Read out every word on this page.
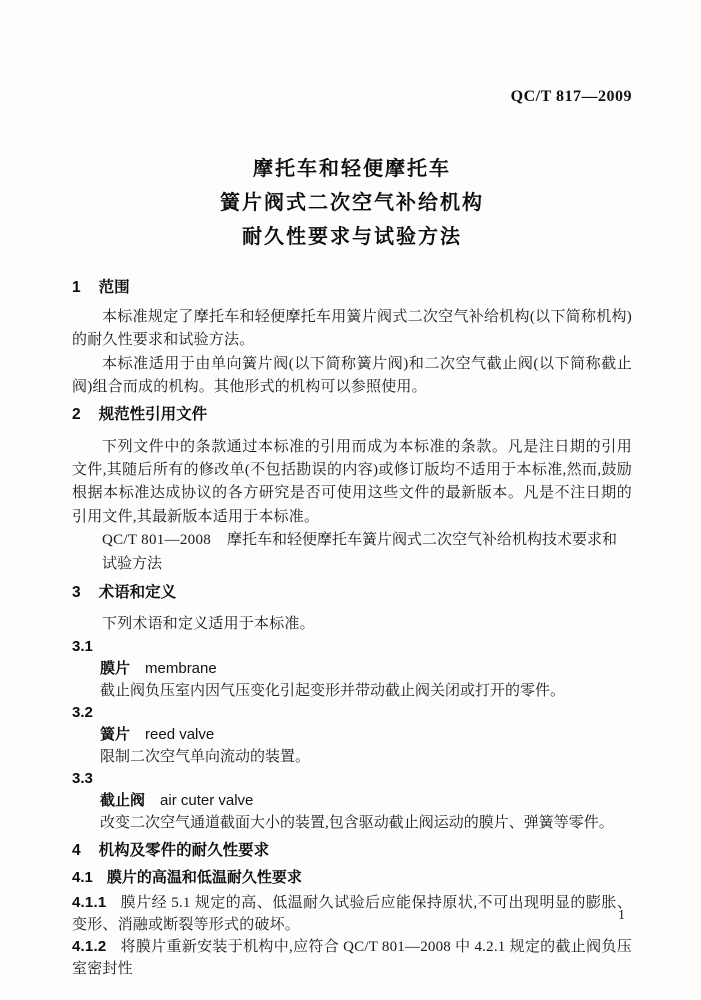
QC/T 817—2009
摩托车和轻便摩托车
簧片阀式二次空气补给机构
耐久性要求与试验方法
1 范围

本标准规定了摩托车和轻便摩托车用簧片阀式二次空气补给机构(以下简称机构)的耐久性要求和试验方法。

本标准适用于由单向簧片阀(以下简称簧片阀)和二次空气截止阀(以下简称截止阀)组合而成的机构。其他形式的机构可以参照使用。

2 规范性引用文件

下列文件中的条款通过本标准的引用而成为本标准的条款。凡是注日期的引用文件,其随后所有的修改单(不包括勘误的内容)或修订版均不适用于本标准,然而,鼓励根据本标准达成协议的各方研究是否可使用这些文件的最新版本。凡是不注日期的引用文件,其最新版本适用于本标准。

QC/T 801—2008 摩托车和轻便摩托车簧片阀式二次空气补给机构技术要求和试验方法
3 术语和定义

下列术语和定义适用于本标准。

3.1
膜片 membrane
截止阀负压室内因气压变化引起变形并带动截止阀关闭或打开的零件。
3.2
簧片 reed valve
限制二次空气单向流动的装置。
3.3
截止阀 air cuter valve
改变二次空气通道截面大小的装置,包含驱动截止阀运动的膜片、弹簧等零件。
4 机构及零件的耐久性要求
4.1 膜片的高温和低温耐久性要求

4.1.1 膜片经 5.1 规定的高、低温耐久试验后应能保持原状,不可出现明显的膨胀、变形、消融或断裂等形式的破坏。

4.1.2 将膜片重新安装于机构中,应符合 QC/T 801—2008 中 4.2.1 规定的截止阀负压室密封性

1
